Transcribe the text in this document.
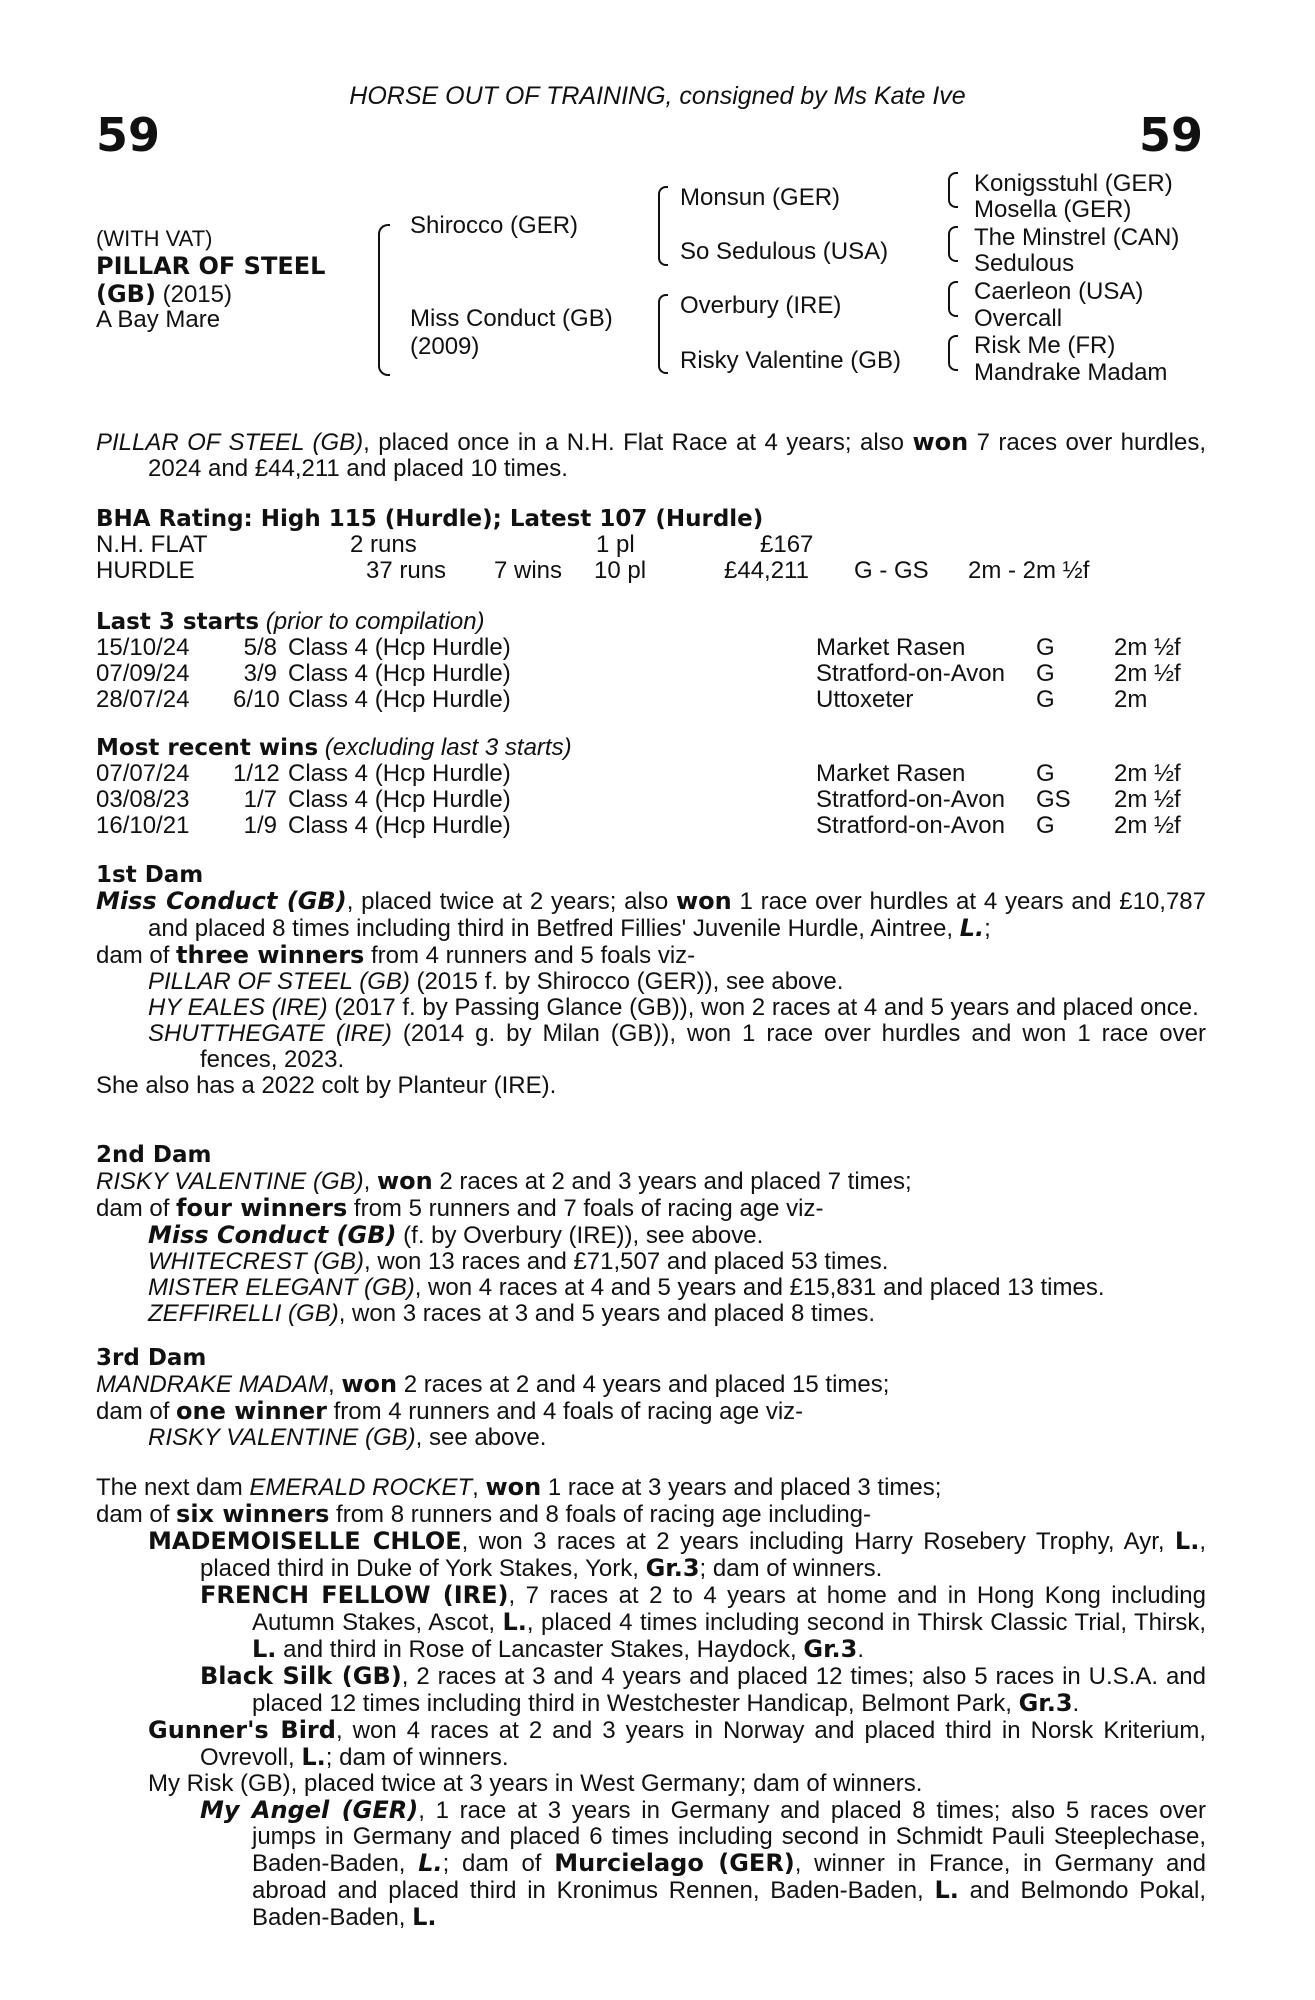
HORSE OUT OF TRAINING, consigned by Ms Kate Ive
59	59
(WITH VAT)
PILLAR OF STEEL
(GB) (2015)
A Bay Mare
Shirocco (GER)
Miss Conduct (GB)
(2009)
Monsun (GER)
So Sedulous (USA)
Overbury (IRE)
Risky Valentine (GB)
Konigsstuhl (GER)
Mosella (GER)
The Minstrel (CAN)
Sedulous
Caerleon (USA)
Overcall
Risk Me (FR)
Mandrake Madam

PILLAR OF STEEL (GB), placed once in a N.H. Flat Race at 4 years; also won 7 races over hurdles, 2024 and £44,211 and placed 10 times.

BHA Rating: High 115 (Hurdle); Latest 107 (Hurdle)
N.H. FLAT	2 runs	1 pl	£167
HURDLE	37 runs 7 wins 10 pl	£44,211 G - GS 2m - 2m ½f
Last 3 starts (prior to compilation)
15/10/24	5/8 Class 4 (Hcp Hurdle)	Market Rasen	G 2m ½f
07/09/24	3/9 Class 4 (Hcp Hurdle)	Stratford-on-Avon G 2m ½f
28/07/24 6/10 Class 4 (Hcp Hurdle)	Uttoxeter	G 2m
Most recent wins (excluding last 3 starts)
07/07/24 1/12 Class 4 (Hcp Hurdle)	Market Rasen	G 2m ½f
03/08/23	1/7 Class 4 (Hcp Hurdle)	Stratford-on-Avon GS 2m ½f
16/10/21	1/9 Class 4 (Hcp Hurdle)	Stratford-on-Avon G 2m ½f
1st Dam

Miss Conduct (GB), placed twice at 2 years; also won 1 race over hurdles at 4 years and £10,787 and placed 8 times including third in Betfred Fillies' Juvenile Hurdle, Aintree, L.;

dam of three winners from 4 runners and 5 foals viz-

PILLAR OF STEEL (GB) (2015 f. by Shirocco (GER)), see above.

HY EALES (IRE) (2017 f. by Passing Glance (GB)), won 2 races at 4 and 5 years and placed once.

SHUTTHEGATE (IRE) (2014 g. by Milan (GB)), won 1 race over hurdles and won 1 race over fences, 2023.

She also has a 2022 colt by Planteur (IRE).

2nd Dam

RISKY VALENTINE (GB), won 2 races at 2 and 3 years and placed 7 times;

dam of four winners from 5 runners and 7 foals of racing age viz-

Miss Conduct (GB) (f. by Overbury (IRE)), see above.

WHITECREST (GB), won 13 races and £71,507 and placed 53 times.

MISTER ELEGANT (GB), won 4 races at 4 and 5 years and £15,831 and placed 13 times.

ZEFFIRELLI (GB), won 3 races at 3 and 5 years and placed 8 times.

3rd Dam

MANDRAKE MADAM, won 2 races at 2 and 4 years and placed 15 times;

dam of one winner from 4 runners and 4 foals of racing age viz-

RISKY VALENTINE (GB), see above.

The next dam EMERALD ROCKET, won 1 race at 3 years and placed 3 times;

dam of six winners from 8 runners and 8 foals of racing age including-

MADEMOISELLE CHLOE, won 3 races at 2 years including Harry Rosebery Trophy, Ayr, L., placed third in Duke of York Stakes, York, Gr.3; dam of winners.

FRENCH FELLOW (IRE), 7 races at 2 to 4 years at home and in Hong Kong including Autumn Stakes, Ascot, L., placed 4 times including second in Thirsk Classic Trial, Thirsk, L. and third in Rose of Lancaster Stakes, Haydock, Gr.3.

Black Silk (GB), 2 races at 3 and 4 years and placed 12 times; also 5 races in U.S.A. and placed 12 times including third in Westchester Handicap, Belmont Park, Gr.3.

Gunner's Bird, won 4 races at 2 and 3 years in Norway and placed third in Norsk Kriterium, Ovrevoll, L.; dam of winners.

My Risk (GB), placed twice at 3 years in West Germany; dam of winners.

My Angel (GER), 1 race at 3 years in Germany and placed 8 times; also 5 races over jumps in Germany and placed 6 times including second in Schmidt Pauli Steeplechase, Baden-Baden, L.; dam of Murcielago (GER), winner in France, in Germany and abroad and placed third in Kronimus Rennen, Baden-Baden, L. and Belmondo Pokal, Baden-Baden, L.
